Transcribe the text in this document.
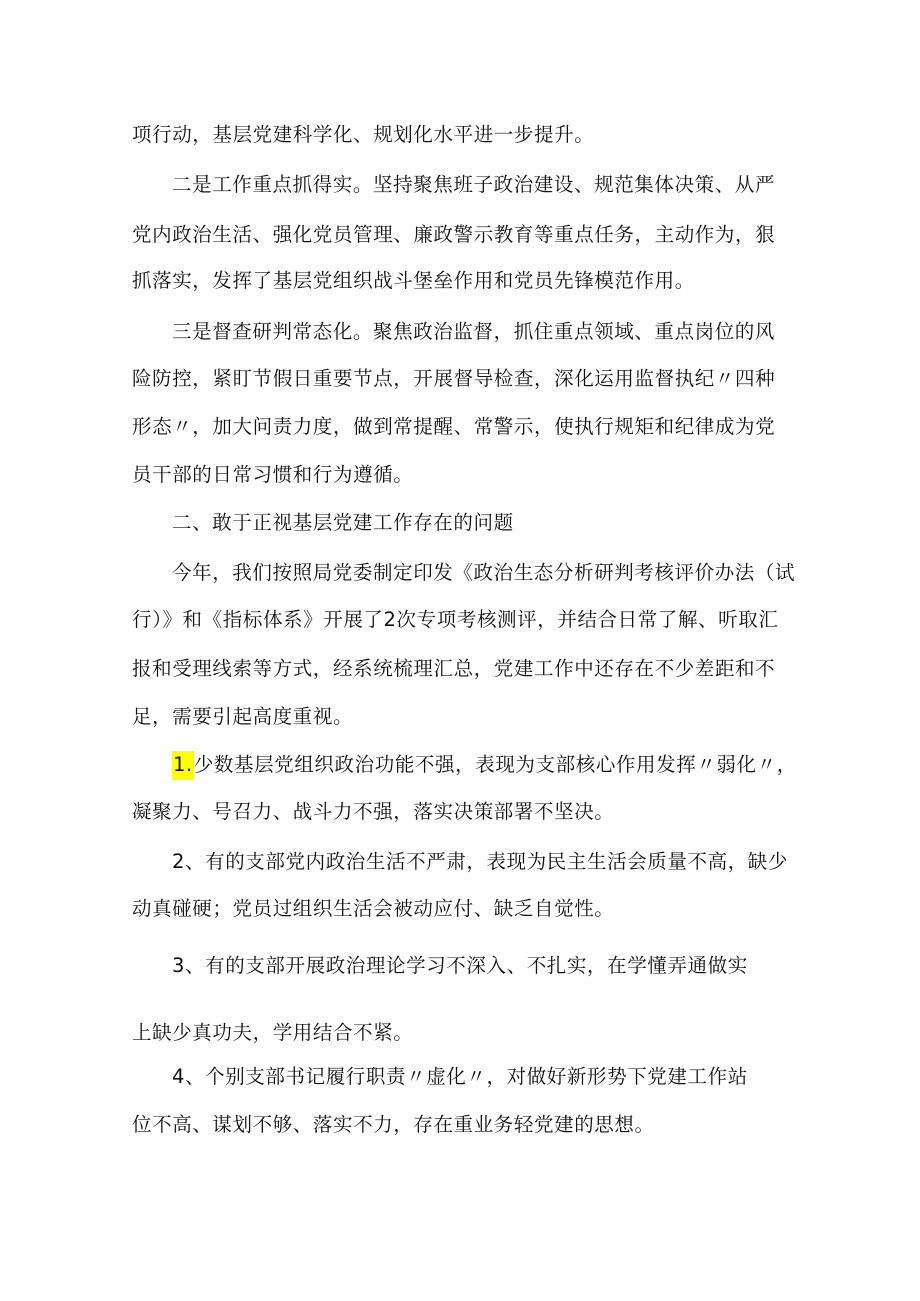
项行动，基层党建科学化、规划化水平进一步提升。
二是工作重点抓得实。坚持聚焦班子政治建设、规范集体决策、从严
党内政治生活、强化党员管理、廉政警示教育等重点任务，主动作为，狠
抓落实，发挥了基层党组织战斗堡垒作用和党员先锋模范作用。
三是督查研判常态化。聚焦政治监督，抓住重点领域、重点岗位的风
险防控，紧盯节假日重要节点，开展督导检查，深化运用监督执纪〃四种
形态〃，加大问责力度，做到常提醒、常警示，使执行规矩和纪律成为党
员干部的日常习惯和行为遵循。
二、敢于正视基层党建工作存在的问题
今年，我们按照局党委制定印发《政治生态分析研判考核评价办法（试
行）》和《指标体系》开展了2次专项考核测评，并结合日常了解、听取汇
报和受理线索等方式，经系统梳理汇总，党建工作中还存在不少差距和不
足，需要引起高度重视。
1.少数基层党组织政治功能不强，表现为支部核心作用发挥〃弱化〃，
凝聚力、号召力、战斗力不强，落实决策部署不坚决。
2、有的支部党内政治生活不严肃，表现为民主生活会质量不高，缺少
动真碰硬；党员过组织生活会被动应付、缺乏自觉性。
3、有的支部开展政治理论学习不深入、不扎实，在学懂弄通做实
上缺少真功夫，学用结合不紧。
4、个别支部书记履行职责〃虚化〃，对做好新形势下党建工作站
位不高、谋划不够、落实不力，存在重业务轻党建的思想。
